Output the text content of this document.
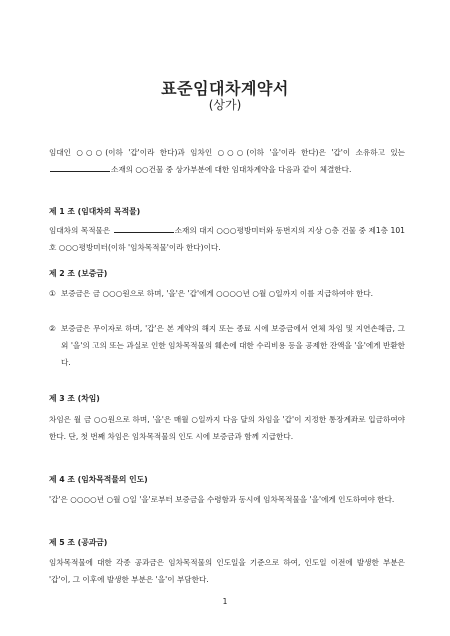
표준임대차계약서
(상가)
임대인 ○○○(이하 '갑'이라 한다)과 임차인 ○○○(이하 '을'이라 한다)은 '갑'이 소유하고 있는 소재의 ○○건물 중 상가부분에 대한 임대차계약을 다음과 같이 체결한다.
제 1 조 (임대차의 목적물)
임대차의 목적물은	소재의 대지 ○○○평방미터와 동번지의 지상 ○층 건물 중 제1층 101호 ○○○평방미터(이하 '임차목적물'이라 한다)이다.
제 2 조 (보증금)
① 보증금은 금 ○○○원으로 하며, '을'은 '갑'에게 ○○○○년 ○월 ○일까지 이를 지급하여야 한다.
② 보증금은 무이자로 하며, '갑'은 본 계약의 해지 또는 종료 시에 보증금에서 연체 차임 및 지연손해금, 그 외 '을'의 고의 또는 과실로 인한 임차목적물의 훼손에 대한 수리비용 등을 공제한 잔액을 '을'에게 반환한다.
제 3 조 (차임)
차임은 월 금 ○○원으로 하며, '을'은 매월 ○일까지 다음 달의 차임을 '갑'이 지정한 통장계좌로 입금하여야 한다. 단, 첫 번째 차임은 임차목적물의 인도 시에 보증금과 함께 지급한다.
제 4 조 (임차목적물의 인도)
'갑'은 ○○○○년 ○월 ○일 '을'로부터 보증금을 수령함과 동시에 임차목적물을 '을'에게 인도하여야 한다.
제 5 조 (공과금)
임차목적물에 대한 각종 공과금은 임차목적물의 인도일을 기준으로 하여, 인도일 이전에 발생한 부분은 '갑'이, 그 이후에 발생한 부분은 '을'이 부담한다.
1
